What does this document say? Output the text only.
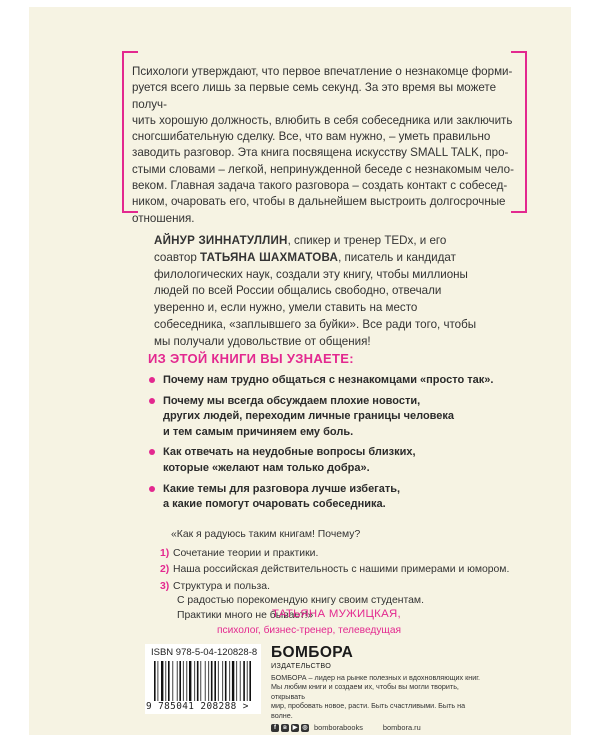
Психологи утверждают, что первое впечатление о незнакомце форми-
руется всего лишь за первые семь секунд. За это время вы можете получ-
чить хорошую должность, влюбить в себя собеседника или заключить
сногсшибательную сделку. Все, что вам нужно, – уметь правильно
заводить разговор. Эта книга посвящена искусству SMALL TALK, про-
стыми словами – легкой, непринужденной беседе с незнакомым чело-
веком. Главная задача такого разговора – создать контакт с собесед-
ником, очаровать его, чтобы в дальнейшем выстроить долгосрочные
отношения.
АЙНУР ЗИННАТУЛЛИН, спикер и тренер TEDx, и его соавтор ТАТЬЯНА ШАХМАТОВА, писатель и кандидат филологических наук, создали эту книгу, чтобы миллионы людей по всей России общались свободно, отвечали уверенно и, если нужно, умели ставить на место собеседника, «заплывшего за буйки». Все ради того, чтобы мы получали удовольствие от общения!
ИЗ ЭТОЙ КНИГИ ВЫ УЗНАЕТЕ:
Почему нам трудно общаться с незнакомцами «просто так».
Почему мы всегда обсуждаем плохие новости,
других людей, переходим личные границы человека
и тем самым причиняем ему боль.
Как отвечать на неудобные вопросы близких,
которые «желают нам только добра».
Какие темы для разговора лучше избегать,
а какие помогут очаровать собеседника.
«Как я радуюсь таким книгам! Почему?
1) Сочетание теории и практики.
2) Наша российская действительность с нашими примерами и юмором.
3) Структура и польза.
С радостью порекомендую книгу своим студентам.
Практики много не бывает!»
ТАТЬЯНА МУЖИЦКАЯ,
психолог, бизнес-тренер, телеведущая
ISBN 978-5-04-120828-8
9 785041 208288 >
БОМБОРА
ИЗДАТЕЛЬСТВО
БОМБОРА – лидер на рынке полезных и вдохновляющих книг.
Мы любим книги и создаем их, чтобы вы могли творить, открывать
мир, пробовать новое, расти. Быть счастливыми. Быть на волне.
f	в ▶ ◎ bomborabooks	bombora.ru
